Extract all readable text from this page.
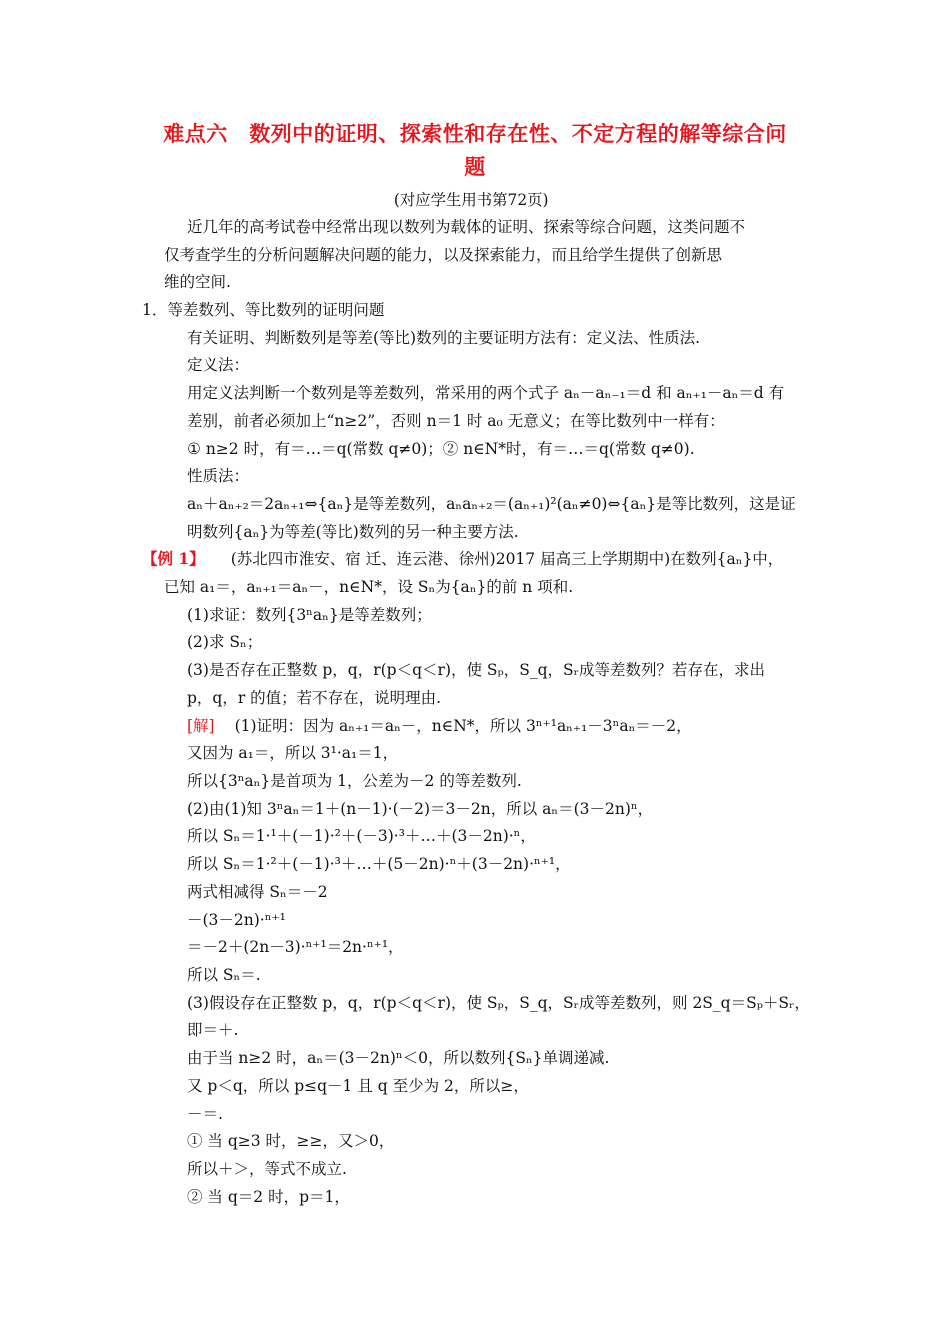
难点六　数列中的证明、探索性和存在性、不定方程的解等综合问
题
(对应学生用书第72页)
近几年的高考试卷中经常出现以数列为载体的证明、探索等综合问题，这类问题不
仅考查学生的分析问题解决问题的能力，以及探索能力，而且给学生提供了创新思
维的空间.
1．等差数列、等比数列的证明问题
有关证明、判断数列是等差(等比)数列的主要证明方法有：定义法、性质法.
定义法：
用定义法判断一个数列是等差数列，常采用的两个式子 aₙ－aₙ₋₁＝d 和 aₙ₊₁－aₙ＝d 有
差别，前者必须加上“n≥2”，否则 n＝1 时 a₀ 无意义；在等比数列中一样有：
① n≥2 时，有＝…＝q(常数 q≠0)；② n∈N*时，有＝…＝q(常数 q≠0).
性质法：
aₙ＋aₙ₊₂＝2aₙ₊₁⇔{aₙ}是等差数列，aₙaₙ₊₂＝(aₙ₊₁)²(aₙ≠0)⇔{aₙ}是等比数列，这是证
明数列{aₙ}为等差(等比)数列的另一种主要方法.
【例 1】 (苏北四市淮安、宿 迁、连云港、徐州)2017 届高三上学期期中)在数列{aₙ}中，
已知 a₁＝，aₙ₊₁＝aₙ－，n∈N*，设 Sₙ为{aₙ}的前 n 项和.
(1)求证：数列{3ⁿaₙ}是等差数列；
(2)求 Sₙ；
(3)是否存在正整数 p，q，r(p＜q＜r)，使 Sₚ，S_q，Sᵣ成等差数列？若存在，求出
p，q，r 的值；若不存在，说明理由.
[解] (1)证明：因为 aₙ₊₁＝aₙ－，n∈N*，所以 3ⁿ⁺¹aₙ₊₁－3ⁿaₙ＝－2，
又因为 a₁＝，所以 3¹·a₁＝1，
所以{3ⁿaₙ}是首项为 1，公差为－2 的等差数列.
(2)由(1)知 3ⁿaₙ＝1＋(n－1)·(－2)＝3－2n，所以 aₙ＝(3－2n)ⁿ，
所以 Sₙ＝1·¹＋(－1)·²＋(－3)·³＋…＋(3－2n)·ⁿ，
所以 Sₙ＝1·²＋(－1)·³＋…＋(5－2n)·ⁿ＋(3－2n)·ⁿ⁺¹，
两式相减得 Sₙ＝－2
－(3－2n)·ⁿ⁺¹
＝－2＋(2n－3)·ⁿ⁺¹＝2n·ⁿ⁺¹，
所以 Sₙ＝.
(3)假设存在正整数 p，q，r(p＜q＜r)，使 Sₚ，S_q，Sᵣ成等差数列，则 2S_q＝Sₚ＋Sᵣ，
即＝＋.
由于当 n≥2 时，aₙ＝(3－2n)ⁿ＜0，所以数列{Sₙ}单调递减.
又 p＜q，所以 p≤q－1 且 q 至少为 2，所以≥，
－＝.
① 当 q≥3 时，≥≥，又＞0，
所以＋＞，等式不成立.
② 当 q＝2 时，p＝1，
